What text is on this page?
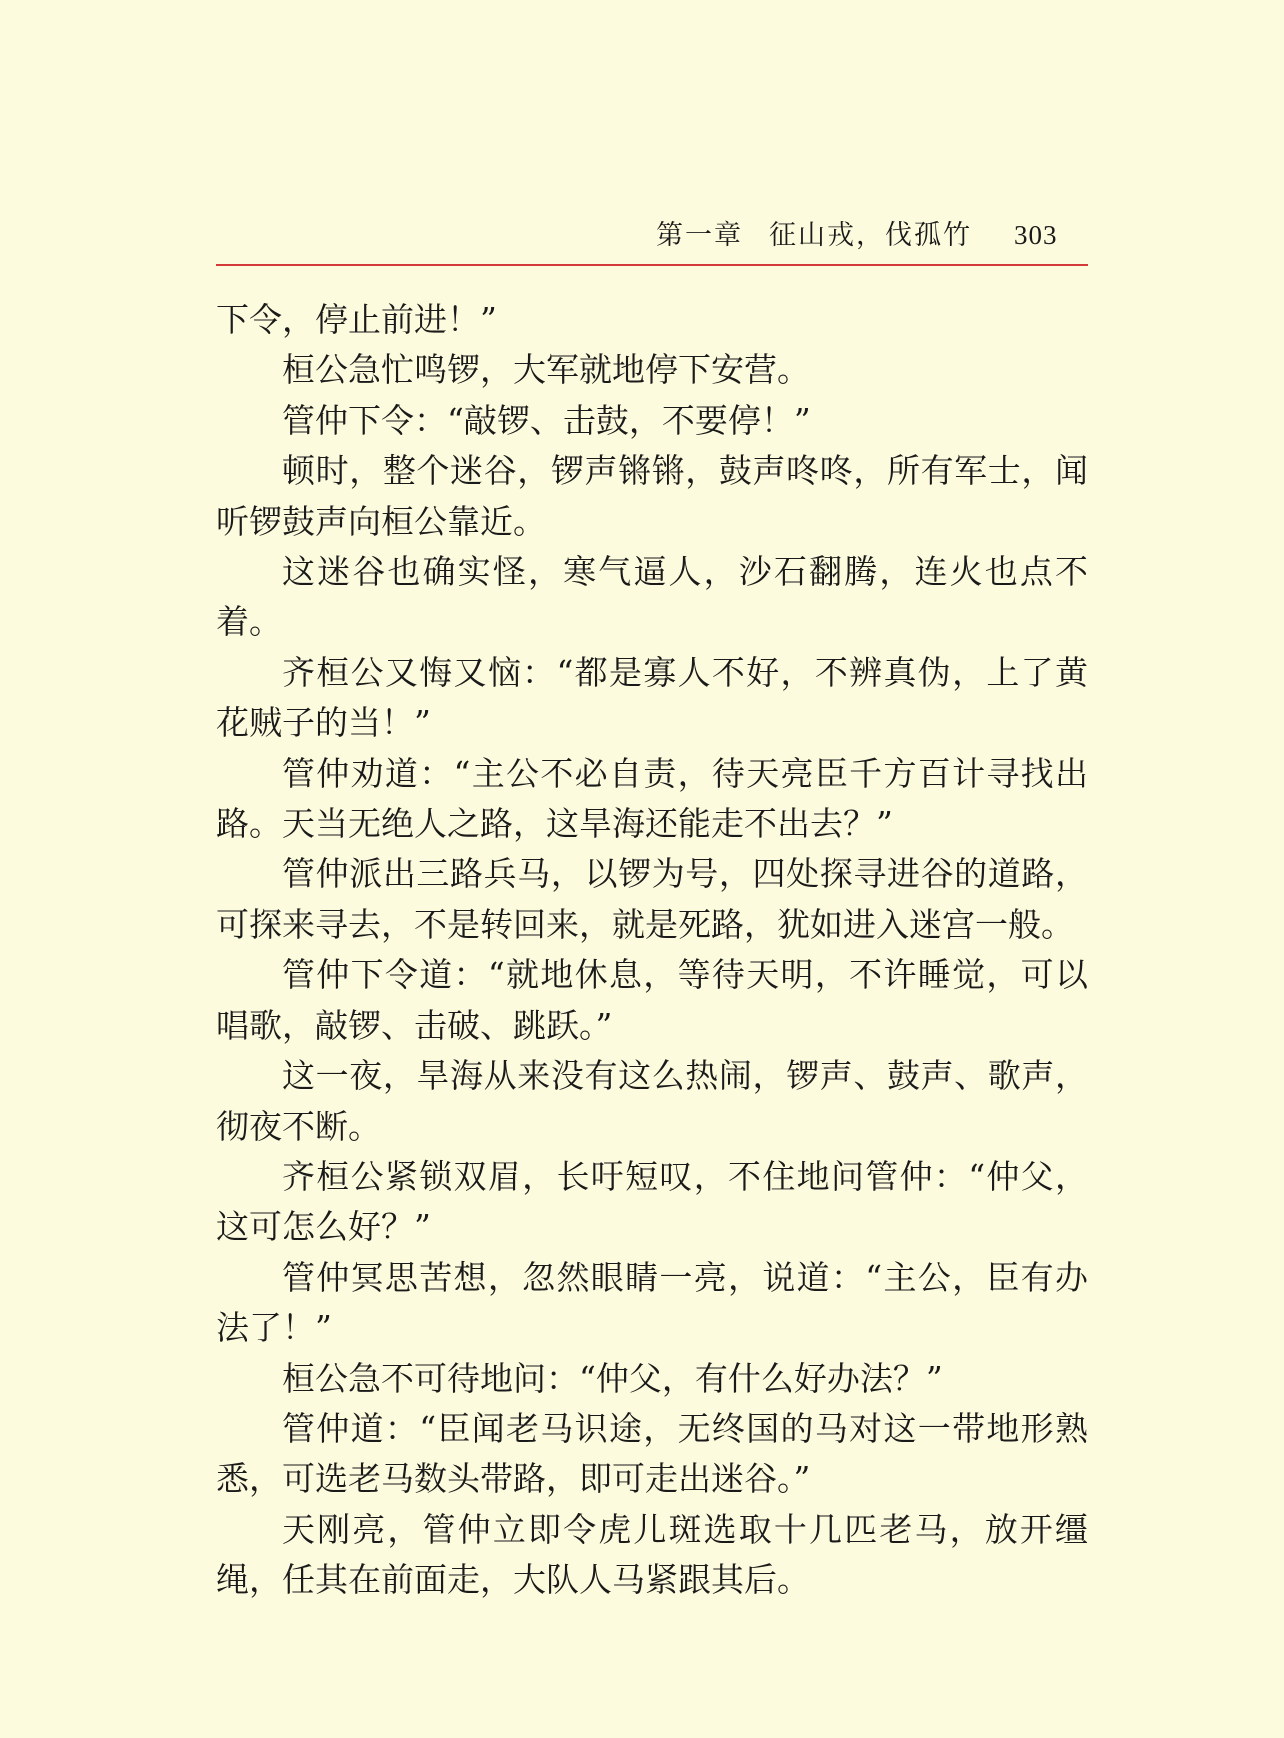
第一章 征山戎，伐孤竹 303

下令，停止前进！”

桓公急忙鸣锣，大军就地停下安营。

管仲下令：“敲锣、击鼓，不要停！”

顿时，整个迷谷，锣声锵锵，鼓声咚咚，所有军士，闻听锣鼓声向桓公靠近。

这迷谷也确实怪，寒气逼人，沙石翻腾，连火也点不着。

齐桓公又悔又恼：“都是寡人不好，不辨真伪，上了黄花贼子的当！”

管仲劝道：“主公不必自责，待天亮臣千方百计寻找出路。天当无绝人之路，这旱海还能走不出去？”

管仲派出三路兵马，以锣为号，四处探寻进谷的道路，可探来寻去，不是转回来，就是死路，犹如进入迷宫一般。

管仲下令道：“就地休息，等待天明，不许睡觉，可以唱歌，敲锣、击破、跳跃。”

这一夜，旱海从来没有这么热闹，锣声、鼓声、歌声，彻夜不断。

齐桓公紧锁双眉，长吁短叹，不住地问管仲：“仲父，这可怎么好？”

管仲冥思苦想，忽然眼睛一亮，说道：“主公，臣有办法了！”

桓公急不可待地问：“仲父，有什么好办法？”

管仲道：“臣闻老马识途，无终国的马对这一带地形熟悉，可选老马数头带路，即可走出迷谷。”

天刚亮，管仲立即令虎儿斑选取十几匹老马，放开缰绳，任其在前面走，大队人马紧跟其后。
